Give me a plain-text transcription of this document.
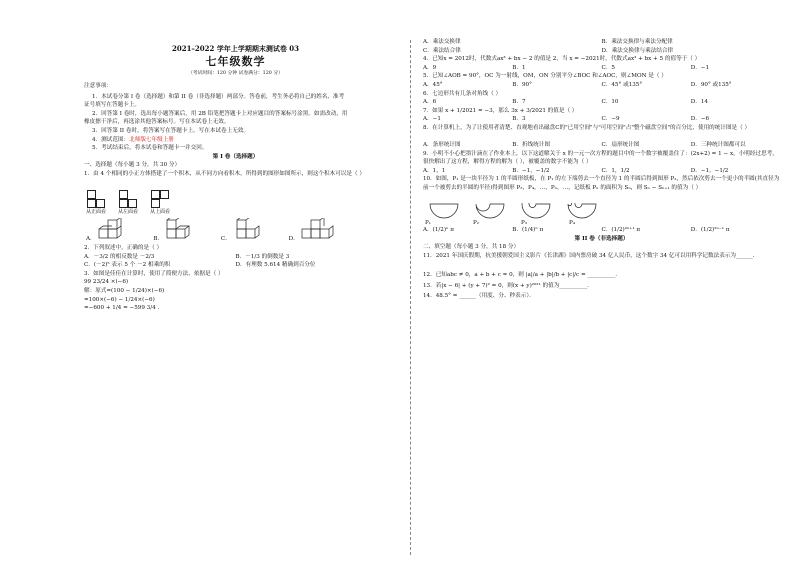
2021–2022 学年上学期期末测试卷 03
七年级数学
（考试时间：120 分钟 试卷满分：120 分）
注意事项：
1．本试卷分第 I 卷（选择题）和第 II 卷（非选择题）两部分。答卷前，考生务必将自己的姓名、准考
证号填写在答题卡上。
2．回答第 I 卷时，选出每小题答案后，用 2B 铅笔把答题卡上对应题目的答案标号涂黑。如需改动，用
橡皮擦干净后，再选涂其他答案标号。写在本试卷上无效。
3．回答第 II 卷时，将答案写在答题卡上。写在本试卷上无效。
4．测试范围：北师版七年级上册
5．考试结束后，将本试卷和答题卡一并交回。
第 I 卷（选择题）
一、选择题（每小题 3 分，共 30 分）
1．由 4 个相同的小正方体搭建了一个积木，从不同方向看积木，所得到的图形如图所示，则这个积木可以是（ ）
从正面看 从左面看 从上面看
A．	B．	C．	D．
2．下列叙述中，正确的是（ ）
A．－3/2 的相反数是 －2/3	B．－1/3 的倒数是 3
C．(－2)⁵ 表示 5 个 －2 相乘的积	D．有理数 5.614 精确到百分位
3．如图是佳佳在计算时，使用了简便方法，依据是（ ）
99 23/24 ×(−6)
解：原式=(100 − 1/24)×(−6)
=100×(−6) − 1/24×(−6)
=−600 + 1/4 = −599 3/4 .
A．乘法交换律	B．乘法交换律与乘法分配律
C．乘法结合律	D．乘法交换律与乘法结合律
4．已知x = 2012时，代数式ax³ + bx − 2 的值是 2，当 x = −2021时，代数式ax³ + bx + 5 的值等于（ ）
A．9	B．1	C．5	D．−1
5．已知∠AOB = 90°，OC 为一射线，OM，ON 分别平分∠BOC 和∠AOC，则∠MON 是（ ）
A．45°	B．90°	C．45° 或135°	D．90° 或135°
6．七边形共有几条对角线（ ）
A．6	B．7	C．10	D．14
7．如果 x + 1/2021 = −3，那么 3x + 3/2021 的值是（ ）
A．−1	B．3	C．−9	D．−6
8．在计算机上，为了让使用者清楚、直观地看出磁盘C的"已用空间"与"可用空间"占"整个磁盘空间"的百分比，使用的统计图是（ ）
A．条形统计图	B．折线统计图	C．扇形统计图	D．三种统计图都可以
9．小明不小心把墨汁滴在了作业本上，以下这道解关于 x 的一元一次方程的题目中的一个数字被覆盖住了：(2x+2) = 1 − x，小明经过思考，很快解出了这方程，解得方程的解为（ ），被覆盖的数字不能为（ ）
A．1，1	B．−1，−1/2	C．1，1/2	D．−1，−1/2
10．如图，P₁ 是一块半径为 1 的半圆形纸板，在 P₁ 的左下端剪去一个直径为 1 的半圆后得到图形 P₂，然后依次剪去一个更小的半圆(其直径为前一个被剪去的半圆的半径)得到图形 P₃，P₄，…，Pₙ，…，记纸板 Pₙ 的面积为 Sₙ，则 Sₙ − Sₙ₊₁ 的值为（ ）
P₁	P₂	P₃	P₄
A．(1/2)ⁿ π	B．(1/4)ⁿ π	C．(1/2)²ⁿ⁺¹ π	D．(1/2)²ⁿ⁻¹ π
第 II 卷（非选择题）
二、填空题（每小题 3 分，共 18 分）
11．2021 年国庆假期，抗美援朝爱国主义影片《长津湖》国内票房破 34 亿人民币，这个数字 34 亿可以用科学记数法表示为______．
12．已知abc ≠ 0，a + b + c = 0，则 |a|/a + |b|/b + |c|/c = __________．
13．若|x − 6| + (y + 7)² = 0，则(x + y)²⁰²¹ 的值为__________．
14．48.5° = ______（用度、分、秒表示）．
